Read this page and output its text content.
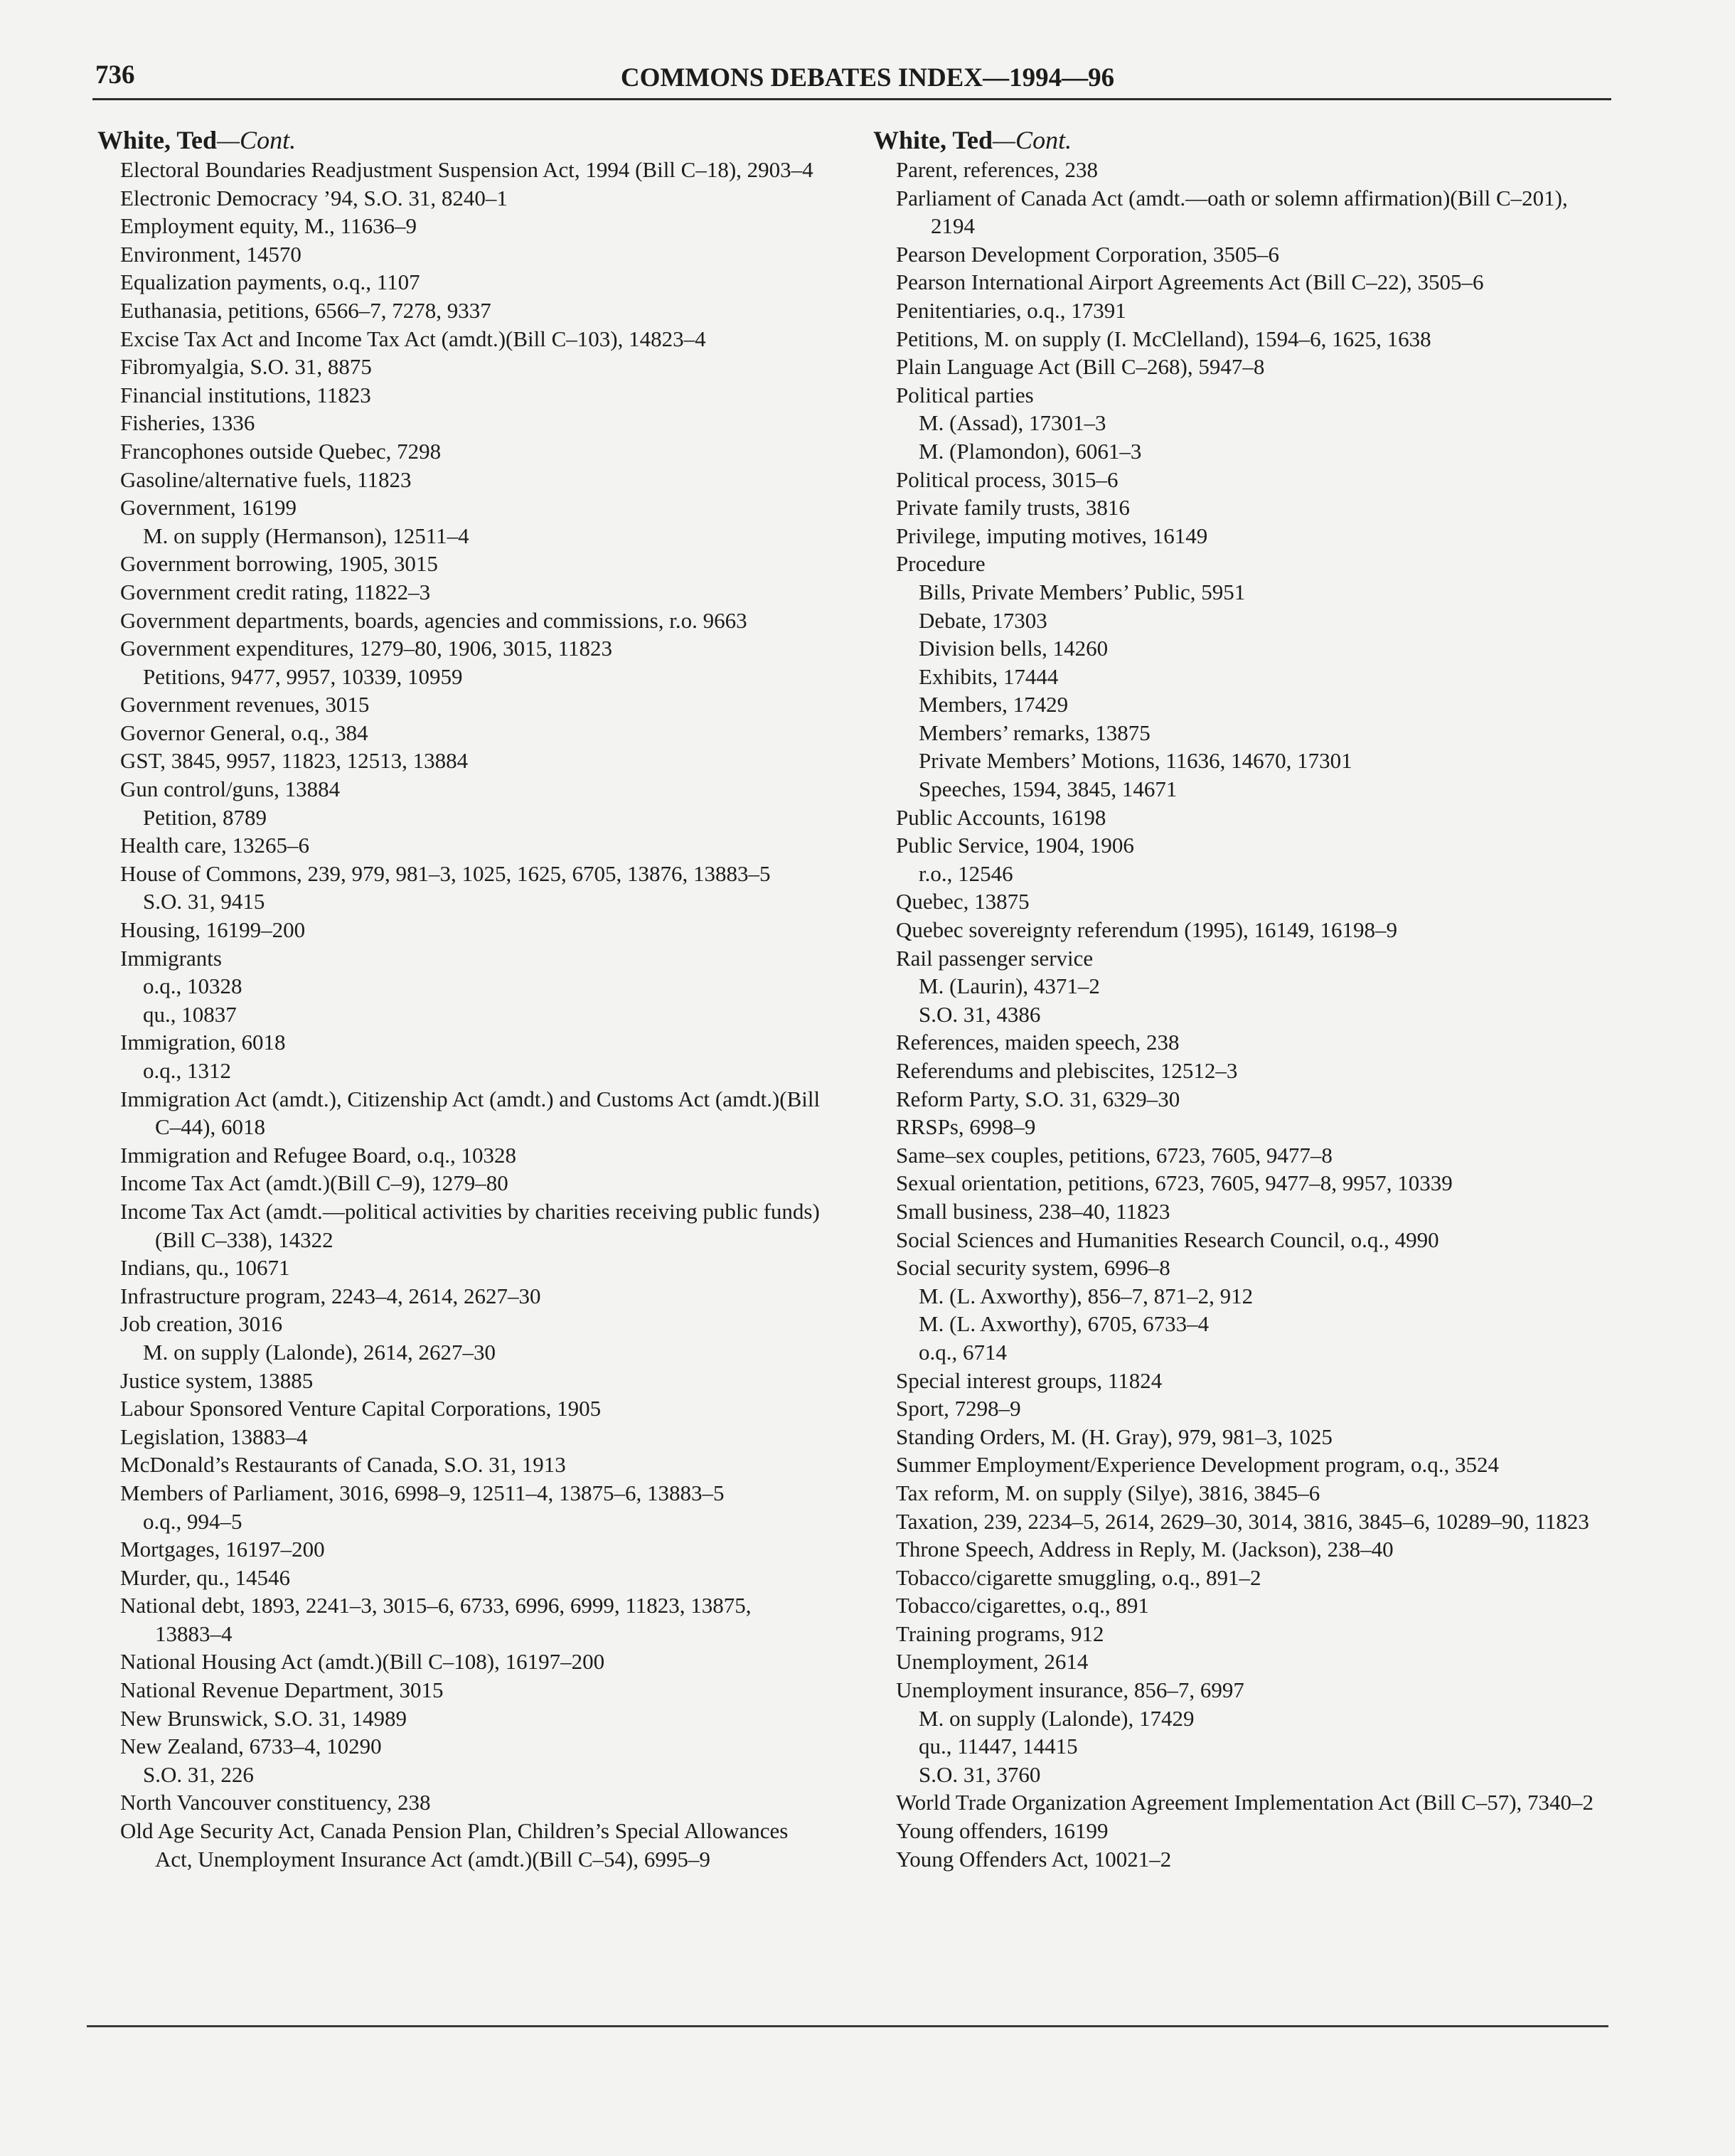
736	COMMONS DEBATES INDEX—1994—96
White, Ted—Cont.
Electoral Boundaries Readjustment Suspension Act, 1994 (Bill C–18), 2903–4
Electronic Democracy ’94, S.O. 31, 8240–1
Employment equity, M., 11636–9
Environment, 14570
Equalization payments, o.q., 1107
Euthanasia, petitions, 6566–7, 7278, 9337
Excise Tax Act and Income Tax Act (amdt.)(Bill C–103), 14823–4
Fibromyalgia, S.O. 31, 8875
Financial institutions, 11823
Fisheries, 1336
Francophones outside Quebec, 7298
Gasoline/alternative fuels, 11823
Government, 16199
M. on supply (Hermanson), 12511–4
Government borrowing, 1905, 3015
Government credit rating, 11822–3
Government departments, boards, agencies and commissions, r.o. 9663
Government expenditures, 1279–80, 1906, 3015, 11823
Petitions, 9477, 9957, 10339, 10959
Government revenues, 3015
Governor General, o.q., 384
GST, 3845, 9957, 11823, 12513, 13884
Gun control/guns, 13884
Petition, 8789
Health care, 13265–6
House of Commons, 239, 979, 981–3, 1025, 1625, 6705, 13876, 13883–5
S.O. 31, 9415
Housing, 16199–200
Immigrants
o.q., 10328
qu., 10837
Immigration, 6018
o.q., 1312
Immigration Act (amdt.), Citizenship Act (amdt.) and Customs Act (amdt.)(Bill C–44), 6018
Immigration and Refugee Board, o.q., 10328
Income Tax Act (amdt.)(Bill C–9), 1279–80
Income Tax Act (amdt.—political activities by charities receiving public funds)(Bill C–338), 14322
Indians, qu., 10671
Infrastructure program, 2243–4, 2614, 2627–30
Job creation, 3016
M. on supply (Lalonde), 2614, 2627–30
Justice system, 13885
Labour Sponsored Venture Capital Corporations, 1905
Legislation, 13883–4
McDonald’s Restaurants of Canada, S.O. 31, 1913
Members of Parliament, 3016, 6998–9, 12511–4, 13875–6, 13883–5
o.q., 994–5
Mortgages, 16197–200
Murder, qu., 14546
National debt, 1893, 2241–3, 3015–6, 6733, 6996, 6999, 11823, 13875, 13883–4
National Housing Act (amdt.)(Bill C–108), 16197–200
National Revenue Department, 3015
New Brunswick, S.O. 31, 14989
New Zealand, 6733–4, 10290
S.O. 31, 226
North Vancouver constituency, 238
Old Age Security Act, Canada Pension Plan, Children’s Special Allowances Act, Unemployment Insurance Act (amdt.)(Bill C–54), 6995–9
White, Ted—Cont.
Parent, references, 238
Parliament of Canada Act (amdt.—oath or solemn affirmation)(Bill C–201), 2194
Pearson Development Corporation, 3505–6
Pearson International Airport Agreements Act (Bill C–22), 3505–6
Penitentiaries, o.q., 17391
Petitions, M. on supply (I. McClelland), 1594–6, 1625, 1638
Plain Language Act (Bill C–268), 5947–8
Political parties
M. (Assad), 17301–3
M. (Plamondon), 6061–3
Political process, 3015–6
Private family trusts, 3816
Privilege, imputing motives, 16149
Procedure
Bills, Private Members’ Public, 5951
Debate, 17303
Division bells, 14260
Exhibits, 17444
Members, 17429
Members’ remarks, 13875
Private Members’ Motions, 11636, 14670, 17301
Speeches, 1594, 3845, 14671
Public Accounts, 16198
Public Service, 1904, 1906
r.o., 12546
Quebec, 13875
Quebec sovereignty referendum (1995), 16149, 16198–9
Rail passenger service
M. (Laurin), 4371–2
S.O. 31, 4386
References, maiden speech, 238
Referendums and plebiscites, 12512–3
Reform Party, S.O. 31, 6329–30
RRSPs, 6998–9
Same–sex couples, petitions, 6723, 7605, 9477–8
Sexual orientation, petitions, 6723, 7605, 9477–8, 9957, 10339
Small business, 238–40, 11823
Social Sciences and Humanities Research Council, o.q., 4990
Social security system, 6996–8
M. (L. Axworthy), 856–7, 871–2, 912
M. (L. Axworthy), 6705, 6733–4
o.q., 6714
Special interest groups, 11824
Sport, 7298–9
Standing Orders, M. (H. Gray), 979, 981–3, 1025
Summer Employment/Experience Development program, o.q., 3524
Tax reform, M. on supply (Silye), 3816, 3845–6
Taxation, 239, 2234–5, 2614, 2629–30, 3014, 3816, 3845–6, 10289–90, 11823
Throne Speech, Address in Reply, M. (Jackson), 238–40
Tobacco/cigarette smuggling, o.q., 891–2
Tobacco/cigarettes, o.q., 891
Training programs, 912
Unemployment, 2614
Unemployment insurance, 856–7, 6997
M. on supply (Lalonde), 17429
qu., 11447, 14415
S.O. 31, 3760
World Trade Organization Agreement Implementation Act (Bill C–57), 7340–2
Young offenders, 16199
Young Offenders Act, 10021–2
